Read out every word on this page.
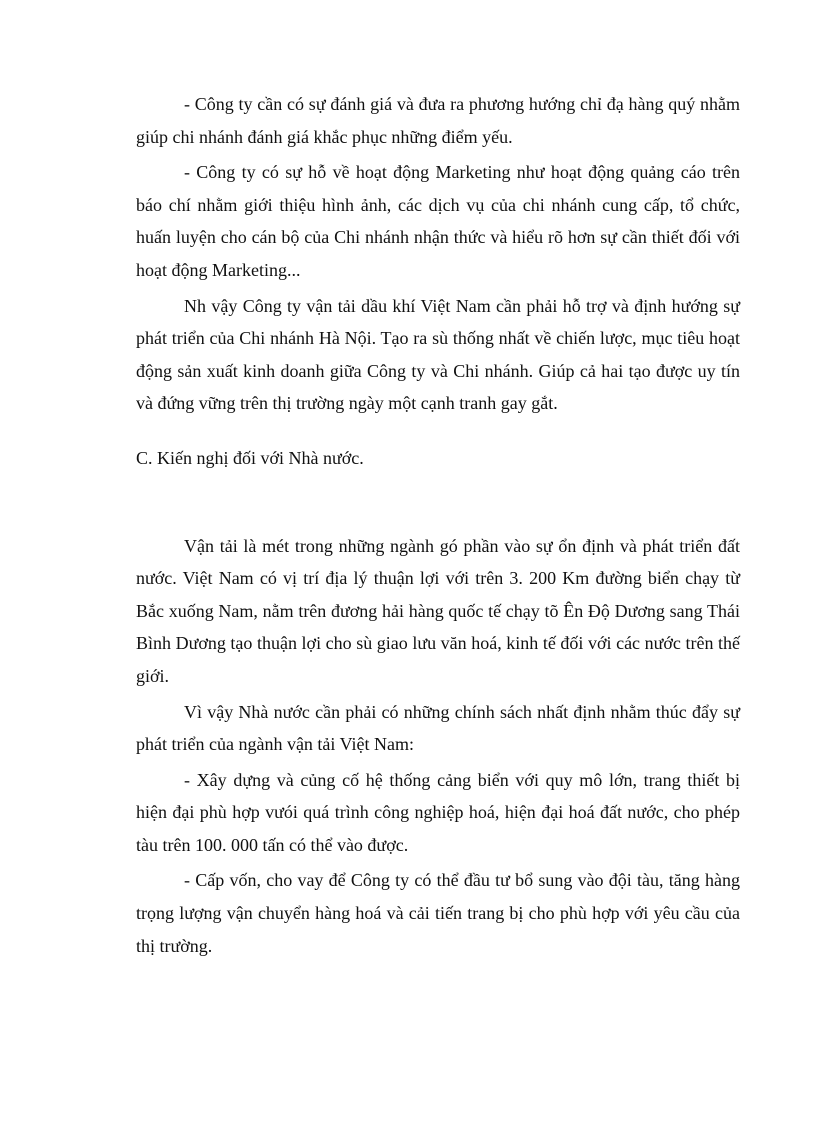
- Công ty cần có sự đánh giá và đưa ra phương hướng chỉ đạ hàng quý nhằm giúp chi nhánh đánh giá khắc phục những điểm yếu.

- Công ty có sự hỗ về hoạt động Marketing như hoạt động quảng cáo trên báo chí nhằm giới thiệu hình ảnh, các dịch vụ của chi nhánh cung cấp, tổ chức, huấn luyện cho cán bộ của Chi nhánh nhận thức và hiểu rõ hơn sự cần thiết đối với hoạt động Marketing...

Nh vậy Công ty vận tải dầu khí Việt Nam cần phải hỗ trợ và định hướng sự phát triển của Chi nhánh Hà Nội. Tạo ra sù thống nhất về chiến lược, mục tiêu hoạt động sản xuất kinh doanh giữa Công ty và Chi nhánh. Giúp cả hai tạo được uy tín và đứng vững trên thị trường ngày một cạnh tranh gay gắt.

C. Kiến nghị đối với Nhà nước.

Vận tải là mét trong những ngành gó phần vào sự ổn định và phát triển đất nước. Việt Nam có vị trí địa lý thuận lợi với trên 3. 200 Km đường biển chạy từ Bắc xuống Nam, nằm trên đương hải hàng quốc tế chạy tõ Ên Độ Dương sang Thái Bình Dương tạo thuận lợi cho sù giao lưu văn hoá, kinh tế đối với các nước trên thế giới.

Vì vậy Nhà nước cần phải có những chính sách nhất định nhằm thúc đẩy sự phát triển của ngành vận tải Việt Nam:

- Xây dựng và củng cố hệ thống cảng biển với quy mô lớn, trang thiết bị hiện đại phù hợp vưói quá trình công nghiệp hoá, hiện đại hoá đất nước, cho phép tàu trên 100. 000 tấn có thể vào được.

- Cấp vốn, cho vay để Công ty có thể đầu tư bổ sung vào đội tàu, tăng hàng trọng lượng vận chuyển hàng hoá và cải tiến trang bị cho phù hợp với yêu cầu của thị trường.
